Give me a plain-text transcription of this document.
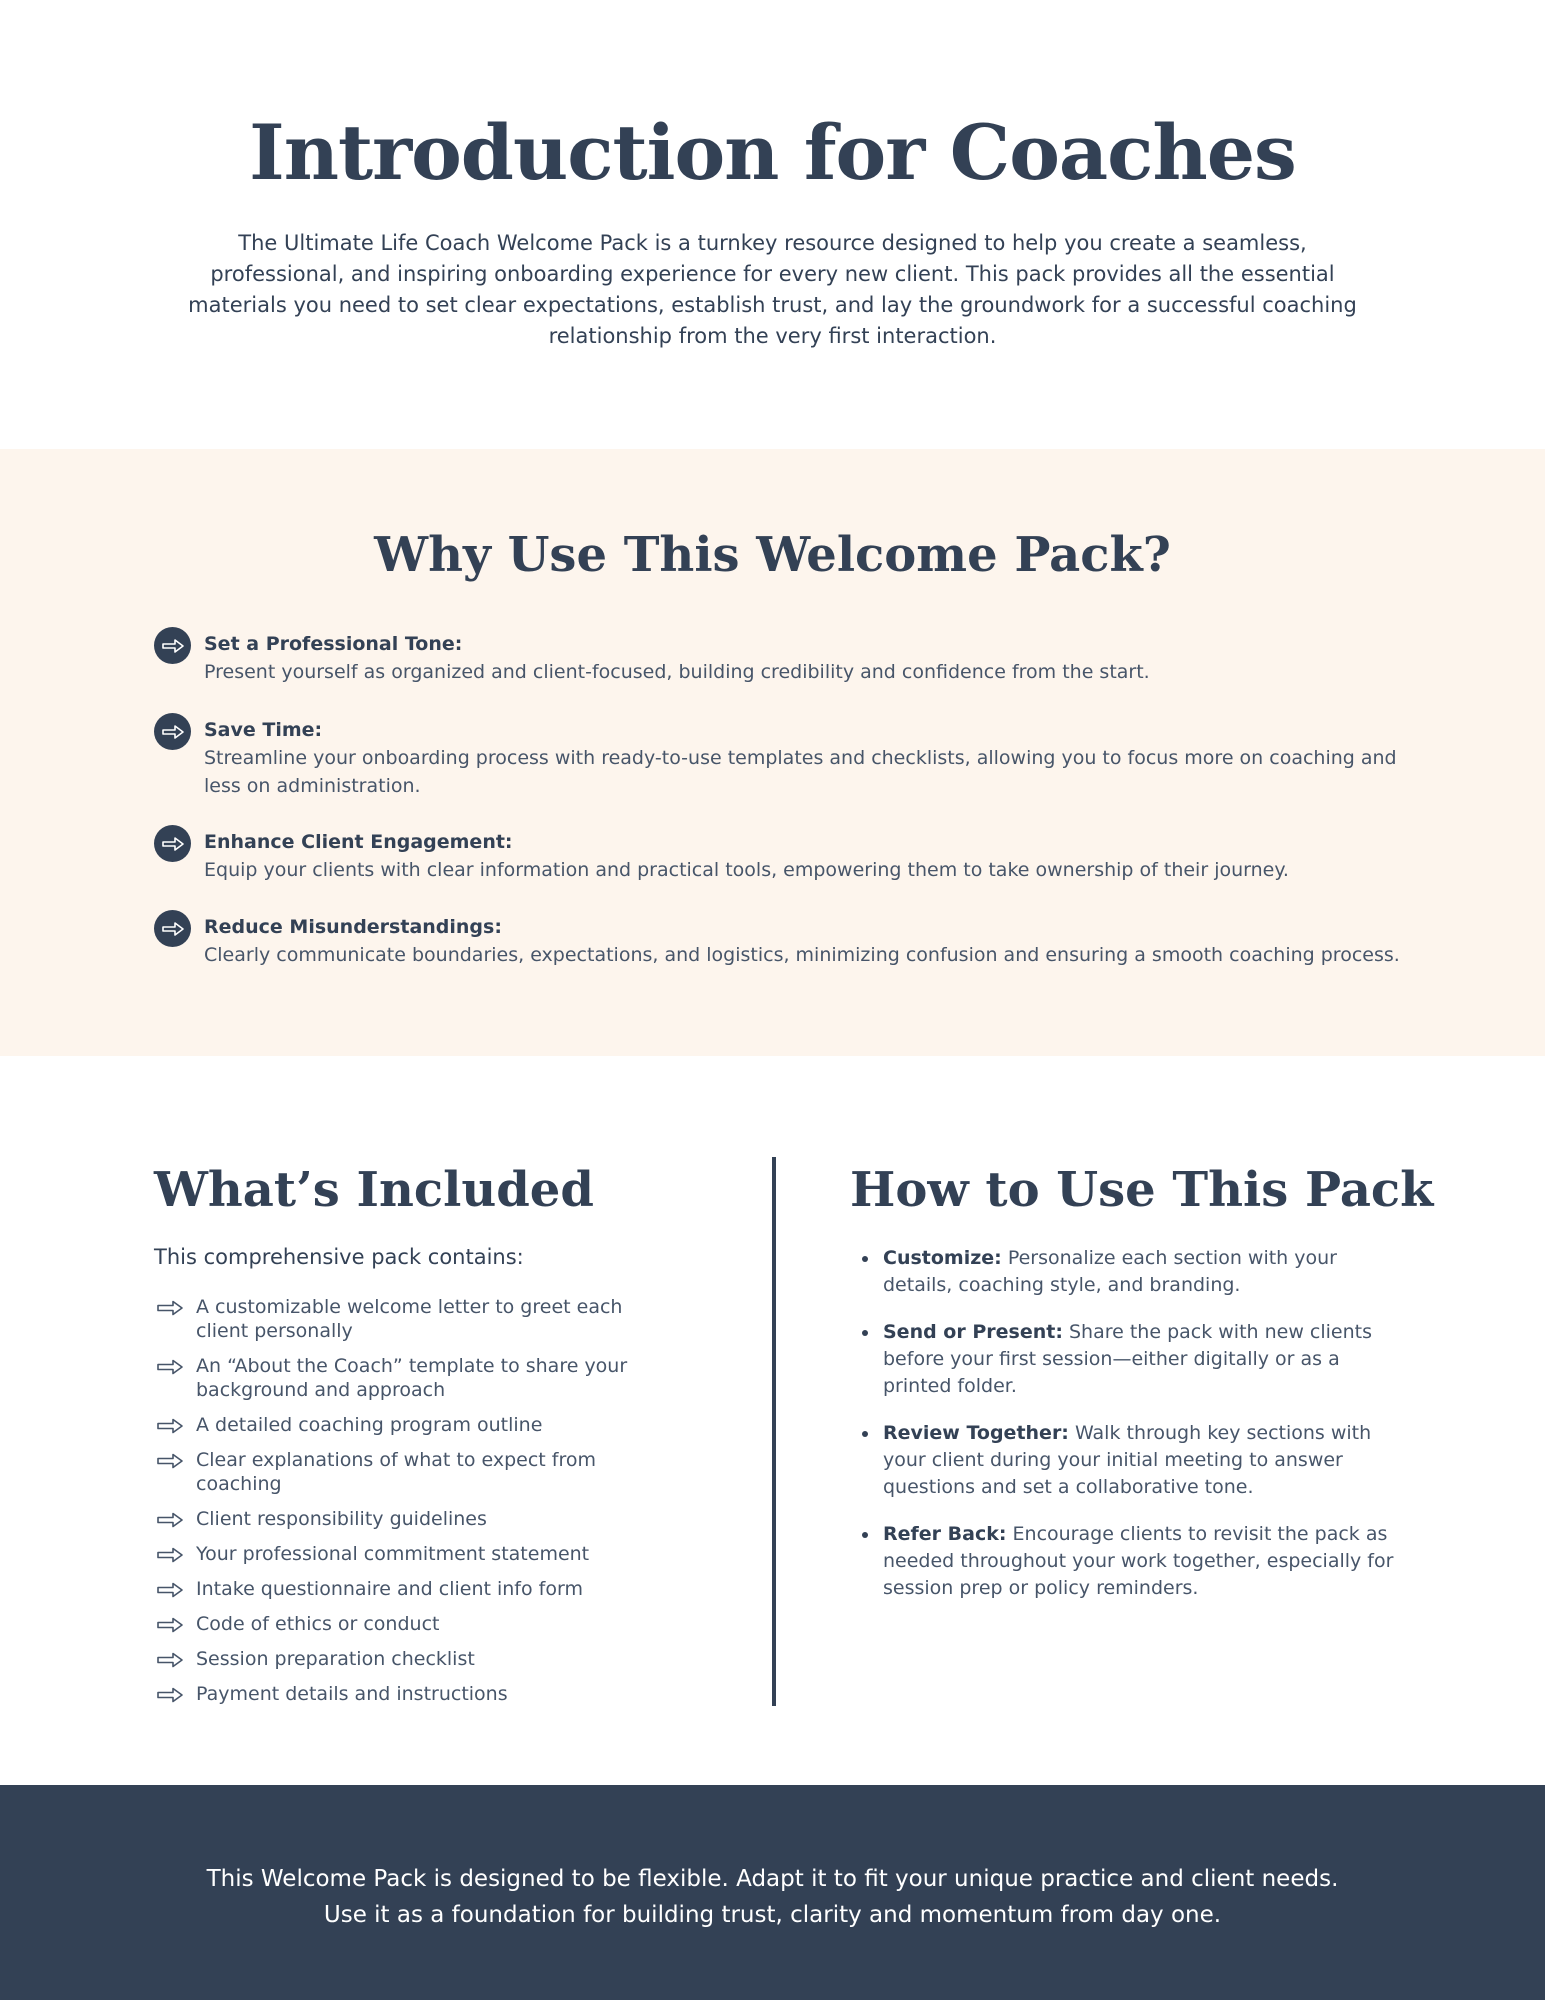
Introduction for Coaches

The Ultimate Life Coach Welcome Pack is a turnkey resource designed to help you create a seamless, professional, and inspiring onboarding experience for every new client. This pack provides all the essential materials you need to set clear expectations, establish trust, and lay the groundwork for a successful coaching relationship from the very first interaction.

Why Use This Welcome Pack?
Set a Professional Tone:
Present yourself as organized and client-focused, building credibility and confidence from the start.
Save Time:
Streamline your onboarding process with ready-to-use templates and checklists, allowing you to focus more on coaching and less on administration.
Enhance Client Engagement:
Equip your clients with clear information and practical tools, empowering them to take ownership of their journey.
Reduce Misunderstandings:
Clearly communicate boundaries, expectations, and logistics, minimizing confusion and ensuring a smooth coaching process.
What’s Included
This comprehensive pack contains:
A customizable welcome letter to greet each client personally
An “About the Coach” template to share your background and approach
A detailed coaching program outline
Clear explanations of what to expect from coaching
Client responsibility guidelines
Your professional commitment statement
Intake questionnaire and client info form
Code of ethics or conduct
Session preparation checklist
Payment details and instructions
How to Use This Pack
Customize: Personalize each section with your details, coaching style, and branding.
Send or Present: Share the pack with new clients before your first session—either digitally or as a printed folder.
Review Together: Walk through key sections with your client during your initial meeting to answer questions and set a collaborative tone.
Refer Back: Encourage clients to revisit the pack as needed throughout your work together, especially for session prep or policy reminders.
This Welcome Pack is designed to be flexible. Adapt it to fit your unique practice and client needs.
Use it as a foundation for building trust, clarity and momentum from day one.
